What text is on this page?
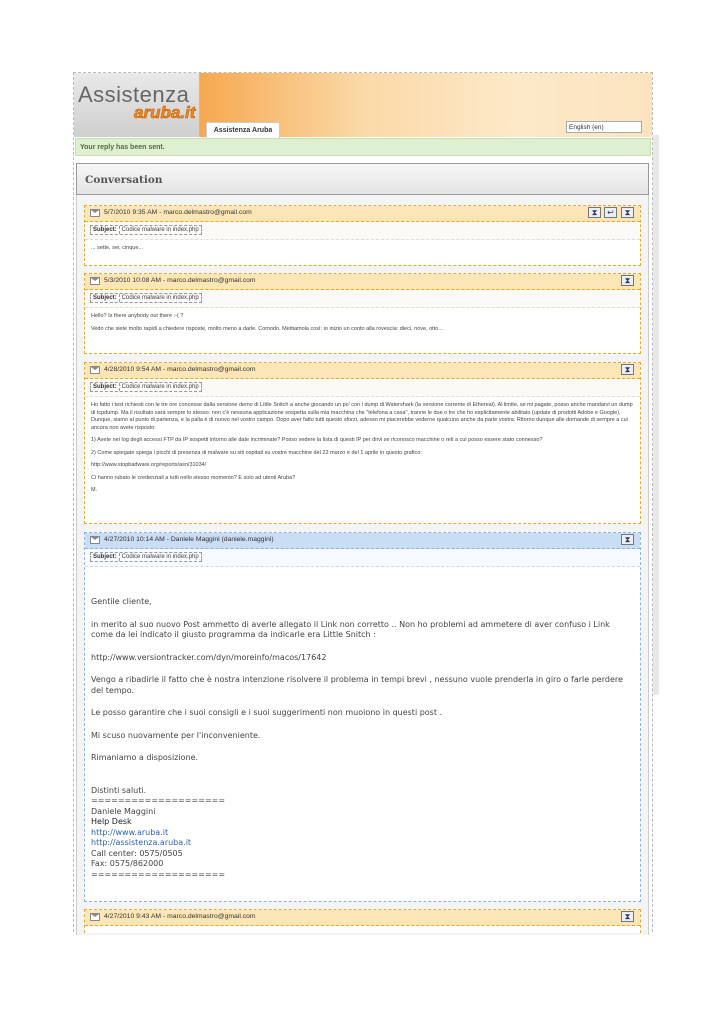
Assistenza
aruba.it
Assistenza Aruba	English (en)
Your reply has been sent.
Conversation
5/7/2010 9:35 AM - marco.delmastro@gmail.com	⧗	↩	⧗
Subject: Codice malware in index.php

... sette, sei, cinque...

5/3/2010 10:08 AM - marco.delmastro@gmail.com	⧗
Subject: Codice malware in index.php

Hello? Is there anybody out there :-( ?

Vedo che siete molto rapidi a chiedere risposte, molto meno a darle. Comodo. Mettiamola così: io inizio un conto alla rovescia: dieci, nove, otto...

4/28/2010 9:54 AM - marco.delmastro@gmail.com	⧗
Subject: Codice malware in index.php

Ho fatto i test richiesti con le tre ore concesse dalla versione demo di Little Snitch a anche giocando un po' con i dump di Watershark (la versione corrente di Ethereal). Al limite, se mi pagate, posso anche mandarvi un dump di tcpdump. Ma il risultato sarà sempre lo stesso: non c'è nessuna applicazione sospetta sulla mia macchina che "telefona a casa", tranne le due o tre che ho esplicitamente abilitato (update di prodotti Adobe e Google). Dunque, siamo al punto di partenza, e la palla è di nuovo nel vostro campo. Dopo aver fatto tutti questo sforzi, adesso mi piacerebbe vederne qualcuno anche da parte vostra. Ritorno dunque alle domande di sempre a cui ancora non avete risposto:

1) Avete nei log degli accessi FTP da IP sospetti intorno alle date incriminate? Posso vedere la lista di questi IP per dirvi se riconosco macchine o reti a cui posso essere stato connesso?

2) Come spiegate spiega i picchi di presenza di malware su siti ospitati su vostre macchine del 22 marzo e del 1 aprile in questo grafico:

http://www.stopbadware.org/reports/asn/31034/

Ci hanno rubato le credenziali a tutti nello stesso momento? E solo ad utenti Aruba?

M.

4/27/2010 10:14 AM - Daniele Maggini (daniele.maggini)	⧗
Subject: Codice malware in index.php

Gentile cliente,

in merito al suo nuovo Post ammetto di averle allegato il Link non corretto .. Non ho problemi ad ammetere di aver confuso i Link come da lei indicato il giusto programma da indicarle era Little Snitch :

http://www.versiontracker.com/dyn/moreinfo/macos/17642

Vengo a ribadirle il fatto che è nostra intenzione risolvere il problema in tempi brevi , nessuno vuole prenderla in giro o farle perdere del tempo.

Le posso garantire che i suoi consigli e i suoi suggerimenti non muoiono in questi post .

Mi scuso nuovamente per l'inconveniente.

Rimaniamo a disposizione.

Distinti saluti.
====================
Daniele Maggini
Help Desk
http://www.aruba.it
http://assistenza.aruba.it
Call center: 0575/0505
Fax: 0575/862000
====================
4/27/2010 9:43 AM - marco.delmastro@gmail.com	⧗
